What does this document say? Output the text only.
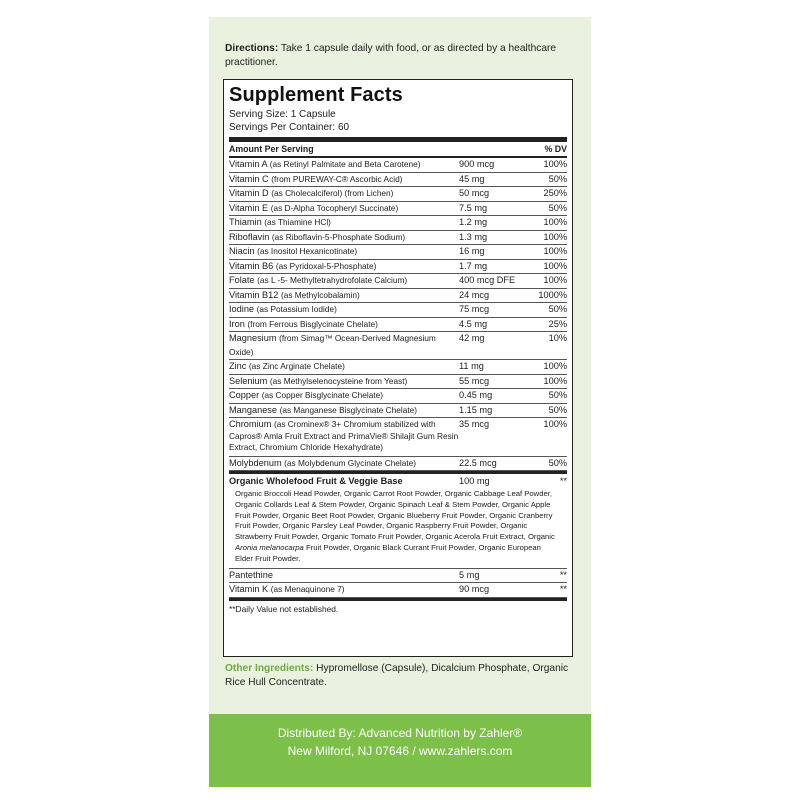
Directions: Take 1 capsule daily with food, or as directed by a healthcare practitioner.
Supplement Facts
Serving Size: 1 Capsule
Servings Per Container: 60
Amount Per Serving	% DV
Vitamin A (as Retinyl Palmitate and Beta Carotene)	900 mcg	100%
Vitamin C (from PUREWAY-C® Ascorbic Acid)	45 mg	50%
Vitamin D (as Cholecalciferol) (from Lichen)	50 mcg	250%
Vitamin E (as D-Alpha Tocopheryl Succinate)	7.5 mg	50%
Thiamin (as Thiamine HCl)	1.2 mg	100%
Riboflavin (as Riboflavin-5-Phosphate Sodium)	1.3 mg	100%
Niacin (as Inositol Hexanicotinate)	16 mg	100%
Vitamin B6 (as Pyridoxal-5-Phosphate)	1.7 mg	100%
Folate (as L -5- Methyltetrahydrofolate Calcium)	400 mcg DFE	100%
Vitamin B12 (as Methylcobalamin)	24 mcg	1000%
Iodine (as Potassium Iodide)	75 mcg	50%
Iron (from Ferrous Bisglycinate Chelate)	4.5 mg	25%
Magnesium (from Simag™ Ocean-Derived Magnesium Oxide)
42 mg	10%
Zinc (as Zinc Arginate Chelate)	11 mg	100%
Selenium (as Methylselenocysteine from Yeast)	55 mcg	100%
Copper (as Copper Bisglycinate Chelate)	0.45 mg	50%
Manganese (as Manganese Bisglycinate Chelate)	1.15 mg	50%
Chromium (as Crominex® 3+ Chromium stabilized with Capros® Amla Fruit Extract and PrimaVie® Shilajit Gum Resin Extract, Chromium Chloride Hexahydrate)
35 mcg	100%
Molybdenum (as Molybdenum Glycinate Chelate)	22.5 mcg	50%
Organic Wholefood Fruit & Veggie Base	100 mg	**
Organic Broccoli Head Powder, Organic Carrot Root Powder, Organic Cabbage Leaf Powder, Organic Collards Leaf & Stem Powder, Organic Spinach Leaf & Stem Powder, Organic Apple Fruit Powder, Organic Beet Root Powder, Organic Blueberry Fruit Powder, Organic Cranberry Fruit Powder, Organic Parsley Leaf Powder, Organic Raspberry Fruit Powder, Organic Strawberry Fruit Powder, Organic Tomato Fruit Powder, Organic Acerola Fruit Extract, Organic Aronia melanocarpa Fruit Powder, Organic Black Currant Fruit Powder, Organic European Elder Fruit Powder.
Pantethine	5 mg	**
Vitamin K (as Menaquinone 7)	90 mcg	**
**Daily Value not established.
Other Ingredients: Hypromellose (Capsule), Dicalcium Phosphate, Organic Rice Hull Concentrate.
Distributed By: Advanced Nutrition by Zahler®
New Milford, NJ 07646 / www.zahlers.com
